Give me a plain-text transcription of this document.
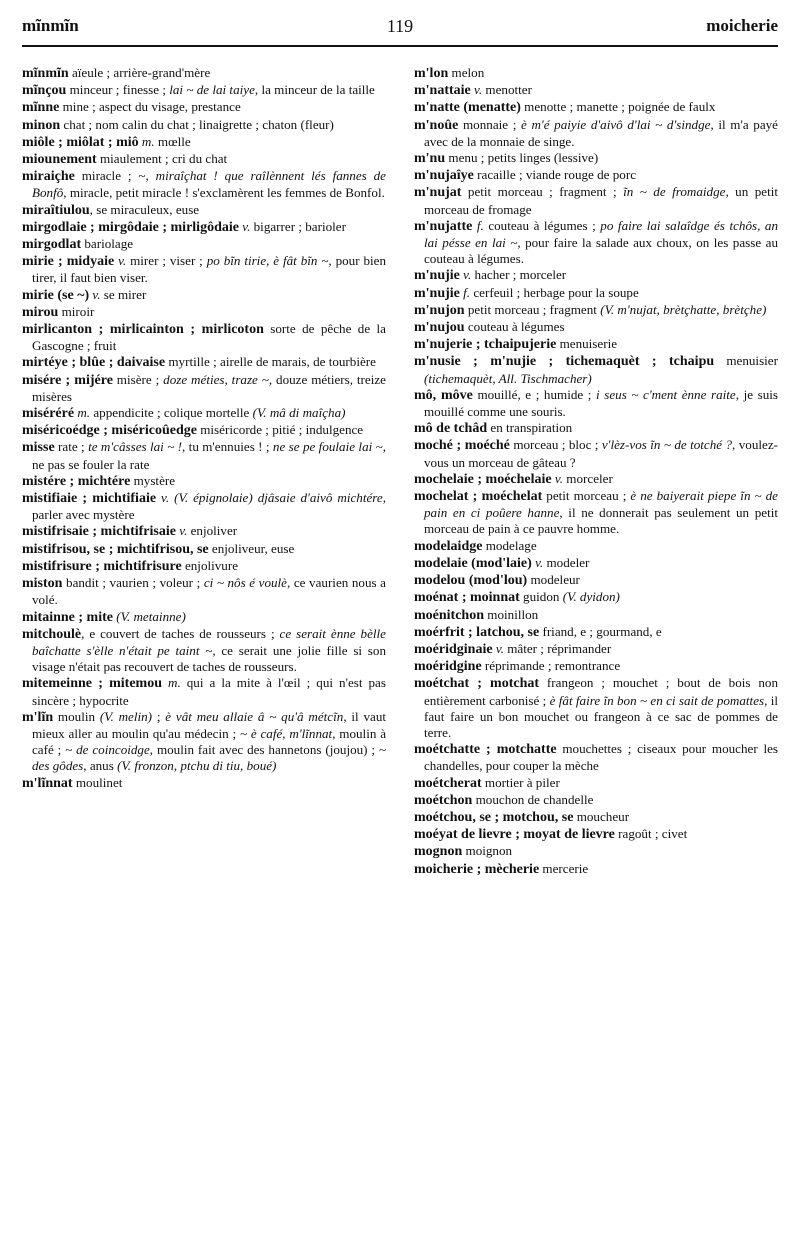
mĩnmĩn	119	moicherie

mĩnmĩn aïeule ; arrière-grand'mère

mĩnçou minceur ; finesse ; lai ~ de lai taiye, la minceur de la taille

mĩnne mine ; aspect du visage, prestance

minon chat ; nom calin du chat ; linaigrette ; chaton (fleur)

miôle ; miôlat ; miô m. mœlle

miounement miaulement ; cri du chat

miraiçhe miracle ; ~, miraîçhat ! que raîlènnent lés fannes de Bonfô, miracle, petit miracle ! s'exclamèrent les femmes de Bonfol.

miraîtiulou, se miraculeux, euse

mirgodlaie ; mirgôdaie ; mirligôdaie v. bigarrer ; barioler

mirgodlat bariolage

mirie ; midyaie v. mirer ; viser ; po bĩn tirie, è fât bĩn ~, pour bien tirer, il faut bien viser.

mirie (se ~) v. se mirer

mirou miroir

mirlicanton ; mirlicainton ; mirlicoton sorte de pêche de la Gascogne ; fruit

mirtéye ; blûe ; daivaise myrtille ; airelle de marais, de tourbière

misére ; mijére misère ; doze méties, traze ~, douze métiers, treize misères

miséréré m. appendicite ; colique mortelle (V. mâ di maîçha)

miséricoédge ; miséricoûedge miséricorde ; pitié ; indulgence

misse rate ; te m'câsses lai ~ !, tu m'ennuies ! ; ne se pe foulaie lai ~, ne pas se fouler la rate

mistére ; michtére mystère

mistifiaie ; michtifiaie v. (V. épignolaie) djâsaie d'aivô michtére, parler avec mystère

mistifrisaie ; michtifrisaie v. enjoliver

mistifrisou, se ; michtifrisou, se enjoliveur, euse

mistifrisure ; michtifrisure enjolivure

miston bandit ; vaurien ; voleur ; ci ~ nôs é voulè, ce vaurien nous a volé.

mitainne ; mite (V. metainne)

mitchoulè, e couvert de taches de rousseurs ; ce serait ènne bèlle baîchatte s'èlle n'était pe taint ~, ce serait une jolie fille si son visage n'était pas recouvert de taches de rousseurs.

mitemeinne ; mitemou m. qui a la mite à l'œil ; qui n'est pas sincère ; hypocrite

m'lĩn moulin (V. melin) ; è vât meu allaie â ~ qu'â métcĩn, il vaut mieux aller au moulin qu'au médecin ; ~ è café, m'lĩnnat, moulin à café ; ~ de coincoidge, moulin fait avec des hannetons (joujou) ; ~ des gôdes, anus (V. fronzon, ptchu di tiu, boué)

m'lĩnnat moulinet

m'lon melon

m'nattaie v. menotter

m'natte (menatte) menotte ; manette ; poignée de faulx

m'noûe monnaie ; è m'é paiyie d'aivô d'lai ~ d'sindge, il m'a payé avec de la monnaie de singe.

m'nu menu ; petits linges (lessive)

m'nujaîye racaille ; viande rouge de porc

m'nujat petit morceau ; fragment ; ĩn ~ de fromaidge, un petit morceau de fromage

m'nujatte f. couteau à légumes ; po faire lai salaîdge és tchôs, an lai pésse en lai ~, pour faire la salade aux choux, on les passe au couteau à légumes.

m'nujie v. hacher ; morceler

m'nujie f. cerfeuil ; herbage pour la soupe

m'nujon petit morceau ; fragment (V. m'nujat, brètçhatte, brètçhe)

m'nujou couteau à légumes

m'nujerie ; tchaipujerie menuiserie

m'nusie ; m'nujie ; tichemaquèt ; tchaipu menuisier (tichemaquèt, All. Tischmacher)

mô, môve mouillé, e ; humide ; i seus ~ c'ment ènne raite, je suis mouillé comme une souris.

mô de tchâd en transpiration

moché ; moéché morceau ; bloc ; v'lèz-vos ĩn ~ de totché ?, voulez-vous un morceau de gâteau ?

mochelaie ; moéchelaie v. morceler

mochelat ; moéchelat petit morceau ; è ne baiyerait piepe ĩn ~ de pain en ci poûere hanne, il ne donnerait pas seulement un petit morceau de pain à ce pauvre homme.

modelaidge modelage

modelaie (mod'laie) v. modeler

modelou (mod'lou) modeleur

moénat ; moinnat guidon (V. dyidon)

moénitchon moinillon

moérfrit ; latchou, se friand, e ; gourmand, e

moéridginaie v. mâter ; réprimander

moéridgine réprimande ; remontrance

moétchat ; motchat frangeon ; mouchet ; bout de bois non entièrement carbonisé ; è fât faire ĩn bon ~ en ci sait de pomattes, il faut faire un bon mouchet ou frangeon à ce sac de pommes de terre.

moétchatte ; motchatte mouchettes ; ciseaux pour moucher les chandelles, pour couper la mèche

moétcherat mortier à piler

moétchon mouchon de chandelle

moétchou, se ; motchou, se moucheur

moéyat de lievre ; moyat de lievre ragoût ; civet

mognon moignon

moicherie ; mècherie mercerie
